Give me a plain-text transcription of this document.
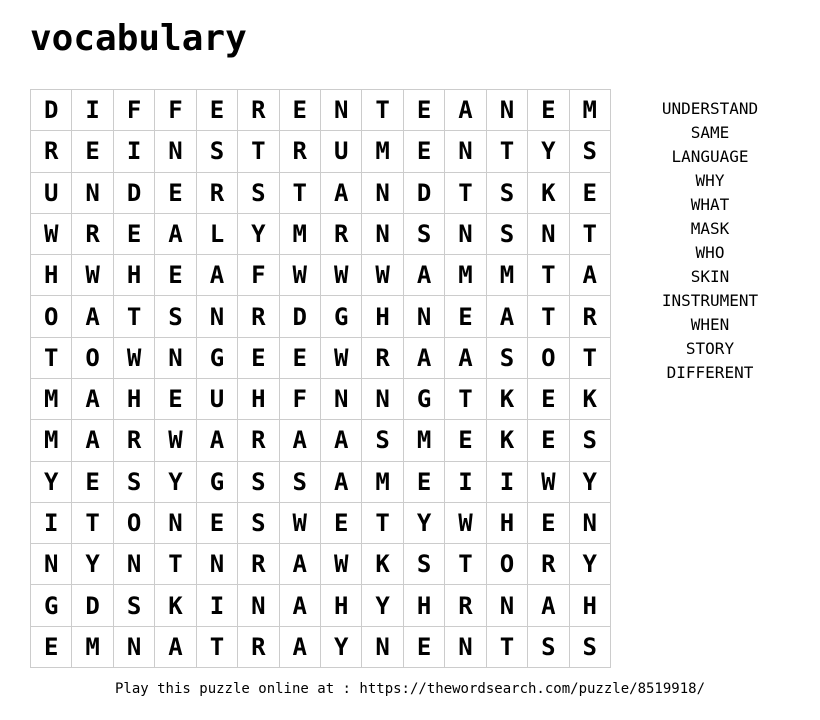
vocabulary
D	I	F	F	E	R	E	N	T	E	A	N	E	M
R	E	I	N	S	T	R	U	M	E	N	T	Y	S
U	N	D	E	R	S	T	A	N	D	T	S	K	E
W	R	E	A	L	Y	M	R	N	S	N	S	N	T
H	W	H	E	A	F	W	W	W	A	M	M	T	A
O	A	T	S	N	R	D	G	H	N	E	A	T	R
T	O	W	N	G	E	E	W	R	A	A	S	O	T
M	A	H	E	U	H	F	N	N	G	T	K	E	K
M	A	R	W	A	R	A	A	S	M	E	K	E	S
Y	E	S	Y	G	S	S	A	M	E	I	I	W	Y
I	T	O	N	E	S	W	E	T	Y	W	H	E	N
N	Y	N	T	N	R	A	W	K	S	T	O	R	Y
G	D	S	K	I	N	A	H	Y	H	R	N	A	H
E	M	N	A	T	R	A	Y	N	E	N	T	S	S
UNDERSTAND
SAME
LANGUAGE
WHY
WHAT
MASK
WHO
SKIN
INSTRUMENT
WHEN
STORY
DIFFERENT
Play this puzzle online at : https://thewordsearch.com/puzzle/8519918/
